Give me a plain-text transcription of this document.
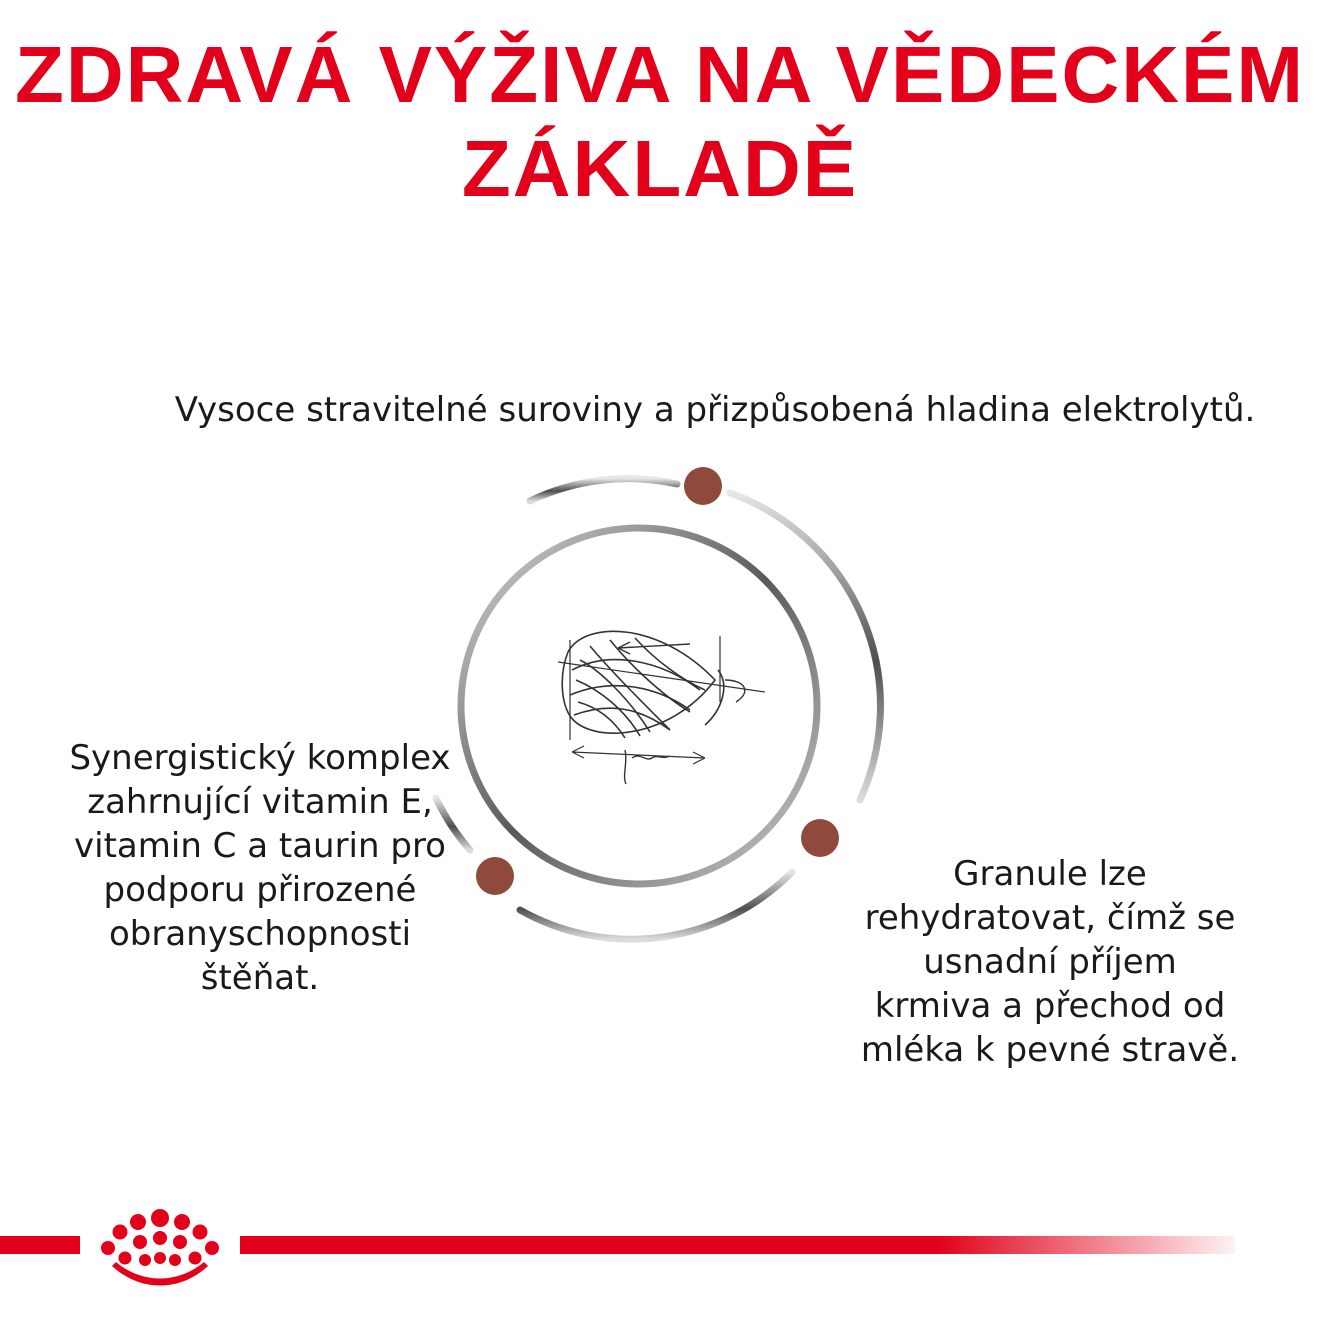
ZDRAVÁ VÝŽIVA NA VĚDECKÉM
ZÁKLADĚ

Vysoce stravitelné suroviny a přizpůsobená hladina elektrolytů.

Synergistický komplex zahrnující vitamin E, vitamin C a taurin pro podporu přirozené obranyschopnosti štěňat.

Granule lze rehydratovat, čímž se usnadní příjem krmiva a přechod od mléka k pevné stravě.
